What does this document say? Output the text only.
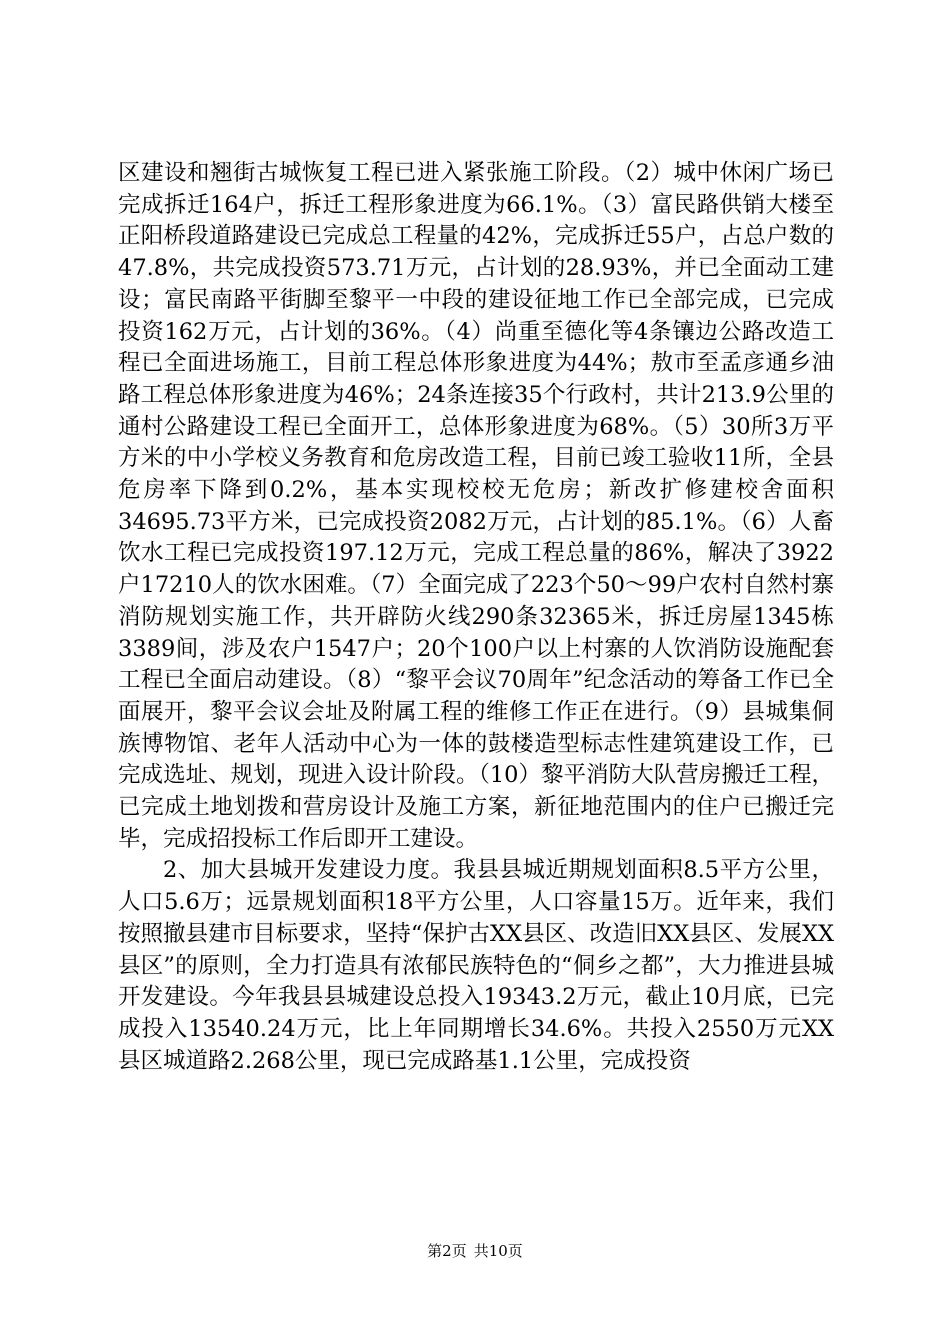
区建设和翘街古城恢复工程已进入紧张施工阶段。（2）城中休闲广场已完成拆迁164户，拆迁工程形象进度为66.1%。（3）富民路供销大楼至正阳桥段道路建设已完成总工程量的42%，完成拆迁55户，占总户数的47.8%，共完成投资573.71万元，占计划的28.93%，并已全面动工建设；富民南路平街脚至黎平一中段的建设征地工作已全部完成，已完成投资162万元，占计划的36%。（4）尚重至德化等4条镶边公路改造工程已全面进场施工，目前工程总体形象进度为44%；敖市至孟彦通乡油路工程总体形象进度为46%；24条连接35个行政村，共计213.9公里的通村公路建设工程已全面开工，总体形象进度为68%。（5）30所3万平方米的中小学校义务教育和危房改造工程，目前已竣工验收11所，全县危房率下降到0.2%，基本实现校校无危房；新改扩修建校舍面积34695.73平方米，已完成投资2082万元，占计划的85.1%。（6）人畜饮水工程已完成投资197.12万元，完成工程总量的86%，解决了3922户17210人的饮水困难。（7）全面完成了223个50～99户农村自然村寨消防规划实施工作，共开辟防火线290条32365米，拆迁房屋1345栋3389间，涉及农户1547户；20个100户以上村寨的人饮消防设施配套工程已全面启动建设。（8）“黎平会议70周年”纪念活动的筹备工作已全面展开，黎平会议会址及附属工程的维修工作正在进行。（9）县城集侗族博物馆、老年人活动中心为一体的鼓楼造型标志性建筑建设工作，已完成选址、规划，现进入设计阶段。（10）黎平消防大队营房搬迁工程，已完成土地划拨和营房设计及施工方案，新征地范围内的住户已搬迁完毕，完成招投标工作后即开工建设。

2、加大县城开发建设力度。我县县城近期规划面积8.5平方公里，人口5.6万；远景规划面积18平方公里，人口容量15万。近年来，我们按照撤县建市目标要求，坚持“保护古XX县区、改造旧XX县区、发展XX县区”的原则，全力打造具有浓郁民族特色的“侗乡之都”，大力推进县城开发建设。今年我县县城建设总投入19343.2万元，截止10月底，已完成投入13540.24万元，比上年同期增长34.6%。共投入2550万元XX县区城道路2.268公里，现已完成路基1.1公里，完成投资

第2页 共10页
